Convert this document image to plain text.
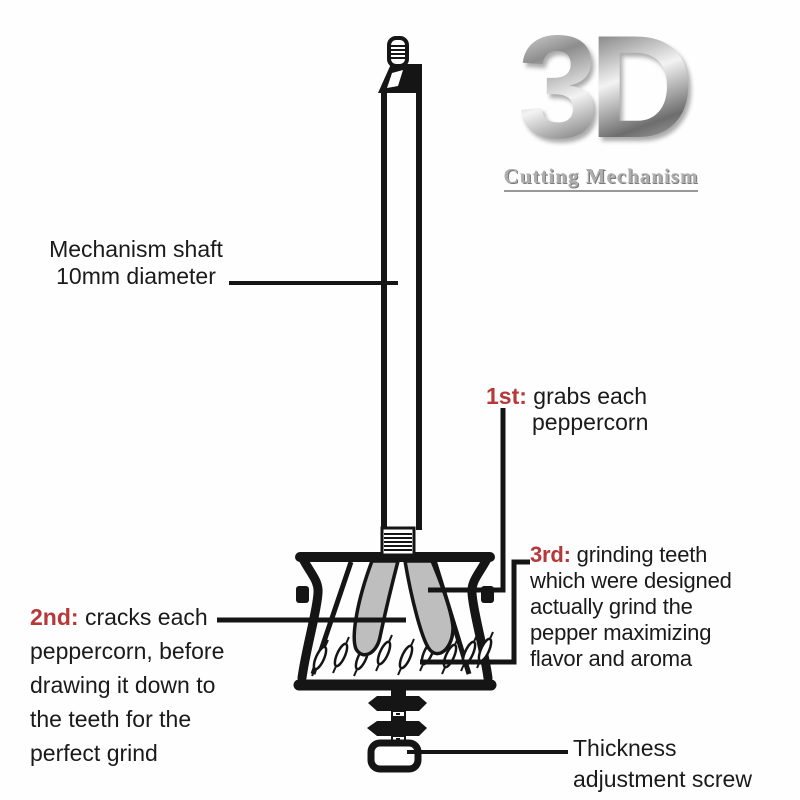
3D
Cutting Mechanism
Mechanism shaft
10mm diameter
1st: grabs each
peppercorn
3rd: grinding teeth
which were designed
actually grind the
pepper maximizing
flavor and aroma
2nd: cracks each
peppercorn, before
drawing it down to
the teeth for the
perfect grind	Thickness
adjustment screw
